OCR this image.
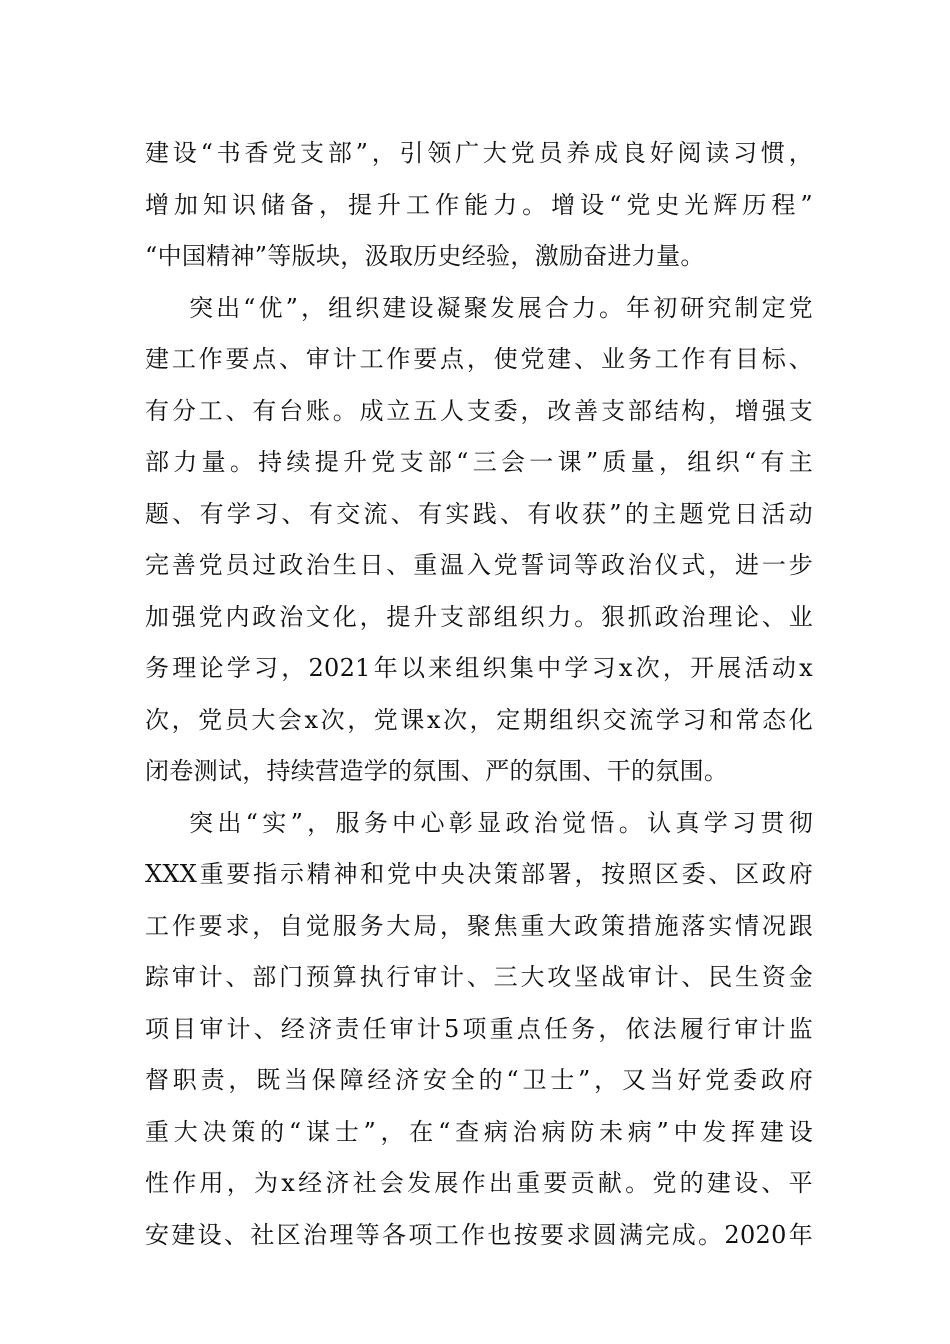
建设“书香党支部”，引领广大党员养成良好阅读习惯，
增加知识储备，提升工作能力。增设“党史光辉历程”
“中国精神”等版块，汲取历史经验，激励奋进力量。
突出“优”，组织建设凝聚发展合力。年初研究制定党
建工作要点、审计工作要点，使党建、业务工作有目标、
有分工、有台账。成立五人支委，改善支部结构，增强支
部力量。持续提升党支部“三会一课”质量，组织“有主
题、有学习、有交流、有实践、有收获”的主题党日活动
完善党员过政治生日、重温入党誓词等政治仪式，进一步
加强党内政治文化，提升支部组织力。狠抓政治理论、业
务理论学习，2021年以来组织集中学习x次，开展活动x
次，党员大会x次，党课x次，定期组织交流学习和常态化
闭卷测试，持续营造学的氛围、严的氛围、干的氛围。
突出“实”，服务中心彰显政治觉悟。认真学习贯彻
XXX重要指示精神和党中央决策部署，按照区委、区政府
工作要求，自觉服务大局，聚焦重大政策措施落实情况跟
踪审计、部门预算执行审计、三大攻坚战审计、民生资金
项目审计、经济责任审计5项重点任务，依法履行审计监
督职责，既当保障经济安全的“卫士”，又当好党委政府
重大决策的“谋士”，在“查病治病防未病”中发挥建设
性作用，为x经济社会发展作出重要贡献。党的建设、平
安建设、社区治理等各项工作也按要求圆满完成。2020年
